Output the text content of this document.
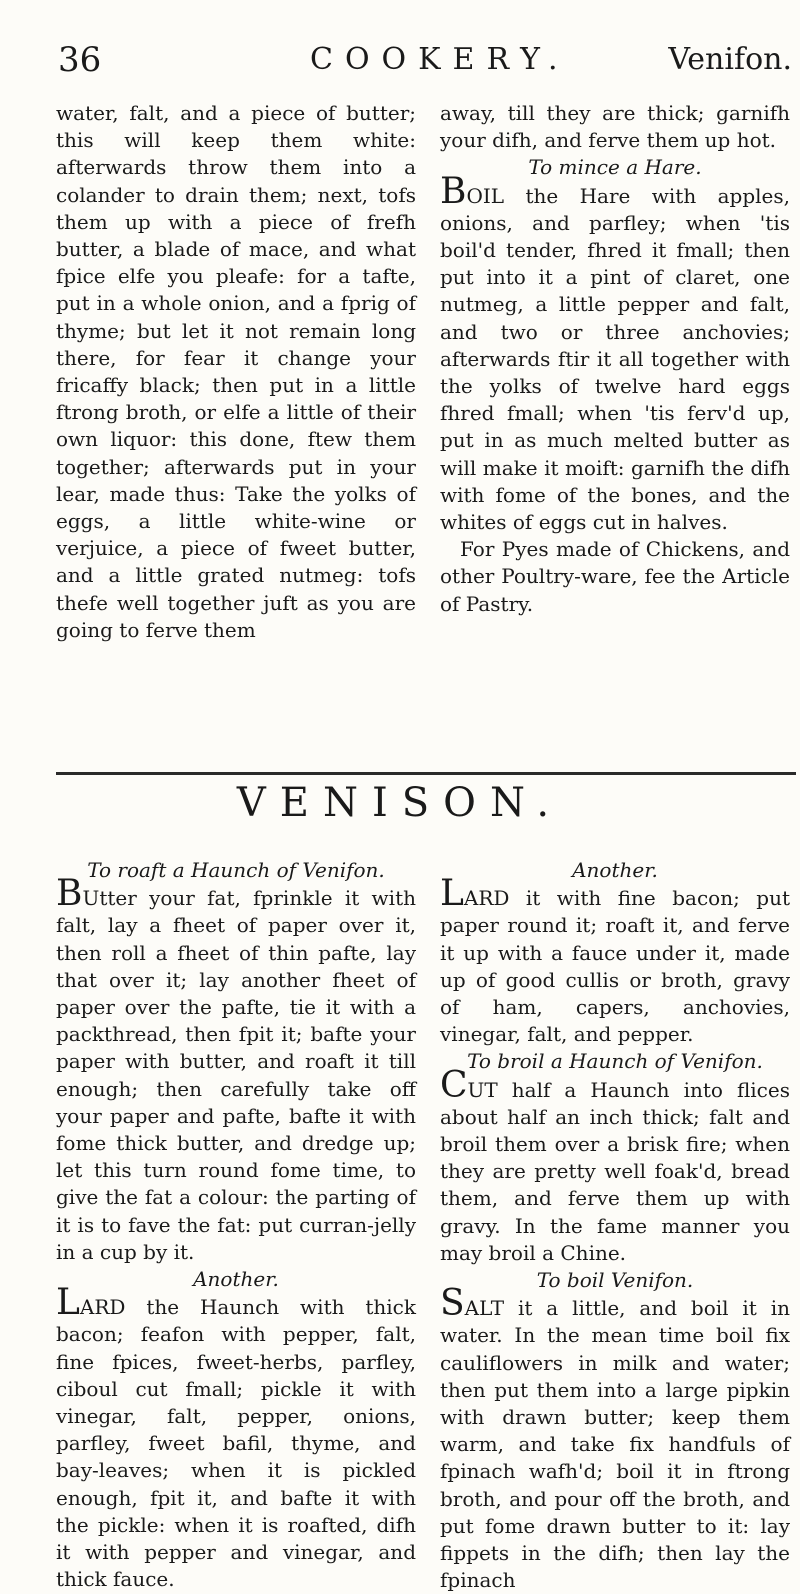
36	COOKERY.	Venifon.

water, falt, and a piece of butter; this will keep them white: afterwards throw them into a colander to drain them; next, tofs them up with a piece of frefh butter, a blade of mace, and what fpice elfe you pleafe: for a tafte, put in a whole onion, and a fprig of thyme; but let it not remain long there, for fear it change your fricaffy black; then put in a little ftrong broth, or elfe a little of their own liquor: this done, ftew them together; afterwards put in your lear, made thus: Take the yolks of eggs, a little white-wine or verjuice, a piece of fweet butter, and a little grated nutmeg: tofs thefe well together juft as you are going to ferve them

away, till they are thick; garnifh your difh, and ferve them up hot.

To mince a Hare.

BOIL the Hare with apples, onions, and parfley; when 'tis boil'd tender, fhred it fmall; then put into it a pint of claret, one nutmeg, a little pepper and falt, and two or three anchovies; afterwards ftir it all together with the yolks of twelve hard eggs fhred fmall; when 'tis ferv'd up, put in as much melted butter as will make it moift: garnifh the difh with fome of the bones, and the whites of eggs cut in halves.

For Pyes made of Chickens, and other Poultry-ware, fee the Article of Pastry.

VENISON.

To roaft a Haunch of Venifon.

BUtter your fat, fprinkle it with falt, lay a fheet of paper over it, then roll a fheet of thin pafte, lay that over it; lay another fheet of paper over the pafte, tie it with a packthread, then fpit it; bafte your paper with butter, and roaft it till enough; then carefully take off your paper and pafte, bafte it with fome thick butter, and dredge up; let this turn round fome time, to give the fat a colour: the parting of it is to fave the fat: put curran-jelly in a cup by it.

Another.

LARD the Haunch with thick bacon; feafon with pepper, falt, fine fpices, fweet-herbs, parfley, ciboul cut fmall; pickle it with vinegar, falt, pepper, onions, parfley, fweet bafil, thyme, and bay-leaves; when it is pickled enough, fpit it, and bafte it with the pickle: when it is roafted, difh it with pepper and vinegar, and thick fauce.

Another.

LARD it with fine bacon; put paper round it; roaft it, and ferve it up with a fauce under it, made up of good cullis or broth, gravy of ham, capers, anchovies, vinegar, falt, and pepper.

To broil a Haunch of Venifon.

CUT half a Haunch into flices about half an inch thick; falt and broil them over a brisk fire; when they are pretty well foak'd, bread them, and ferve them up with gravy. In the fame manner you may broil a Chine.

To boil Venifon.

SALT it a little, and boil it in water. In the mean time boil fix cauliflowers in milk and water; then put them into a large pipkin with drawn butter; keep them warm, and take fix handfuls of fpinach wafh'd; boil it in ftrong broth, and pour off the broth, and put fome drawn butter to it: lay fippets in the difh; then lay the fpinach
